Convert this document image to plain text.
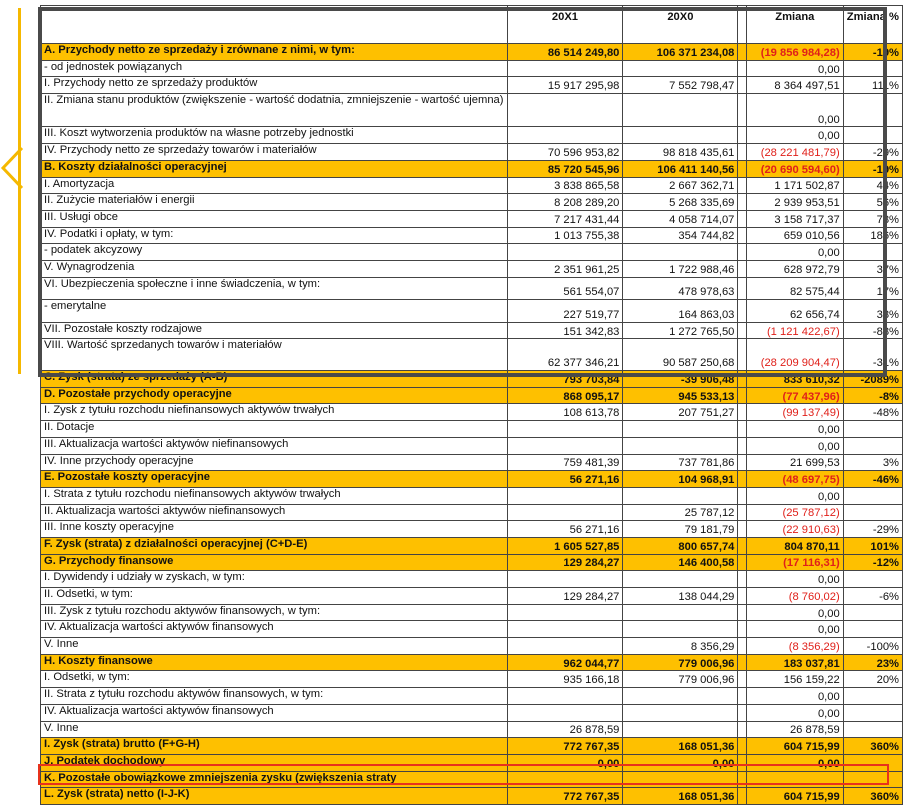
	20X1	20X0		Zmiana	Zmiana %
A. Przychody netto ze sprzedaży i zrównane z nimi, w tym:	86 514 249,80	106 371 234,08		(19 856 984,28)	-19%
- od jednostek powiązanych				0,00	
I. Przychody netto ze sprzedaży produktów	15 917 295,98	7 552 798,47		8 364 497,51	111%
II. Zmiana stanu produktów (zwiększenie - wartość dodatnia, zmniejszenie - wartość ujemna)				0,00	
III. Koszt wytworzenia produktów na własne potrzeby jednostki				0,00	
IV. Przychody netto ze sprzedaży towarów i materiałów	70 596 953,82	98 818 435,61		(28 221 481,79)	-29%
B. Koszty działalności operacyjnej	85 720 545,96	106 411 140,56		(20 690 594,60)	-19%
I. Amortyzacja	3 838 865,58	2 667 362,71		1 171 502,87	44%
II. Zużycie materiałów i energii	8 208 289,20	5 268 335,69		2 939 953,51	56%
III. Usługi obce	7 217 431,44	4 058 714,07		3 158 717,37	78%
IV. Podatki i opłaty, w tym:	1 013 755,38	354 744,82		659 010,56	186%
- podatek akcyzowy				0,00	
V. Wynagrodzenia	2 351 961,25	1 722 988,46		628 972,79	37%
VI. Ubezpieczenia społeczne i inne świadczenia, w tym:	561 554,07	478 978,63		82 575,44	17%
- emerytalne	227 519,77	164 863,03		62 656,74	38%
VII. Pozostałe koszty rodzajowe	151 342,83	1 272 765,50		(1 121 422,67)	-88%
VIII. Wartość sprzedanych towarów i materiałów	62 377 346,21	90 587 250,68		(28 209 904,47)	-31%
C. Zysk (strata) ze sprzedaży (A-B)	793 703,84	-39 906,48		833 610,32	-2089%
D. Pozostałe przychody operacyjne	868 095,17	945 533,13		(77 437,96)	-8%
I. Zysk z tytułu rozchodu niefinansowych aktywów trwałych	108 613,78	207 751,27		(99 137,49)	-48%
II. Dotacje				0,00	
III. Aktualizacja wartości aktywów niefinansowych				0,00	
IV. Inne przychody operacyjne	759 481,39	737 781,86		21 699,53	3%
E. Pozostałe koszty operacyjne	56 271,16	104 968,91		(48 697,75)	-46%
I. Strata z tytułu rozchodu niefinansowych aktywów trwałych				0,00	
II. Aktualizacja wartości aktywów niefinansowych		25 787,12		(25 787,12)	
III. Inne koszty operacyjne	56 271,16	79 181,79		(22 910,63)	-29%
F. Zysk (strata) z działalności operacyjnej (C+D-E)	1 605 527,85	800 657,74		804 870,11	101%
G. Przychody finansowe	129 284,27	146 400,58		(17 116,31)	-12%
I. Dywidendy i udziały w zyskach, w tym:				0,00	
II. Odsetki, w tym:	129 284,27	138 044,29		(8 760,02)	-6%
III. Zysk z tytułu rozchodu aktywów finansowych, w tym:				0,00	
IV. Aktualizacja wartości aktywów finansowych				0,00	
V. Inne		8 356,29		(8 356,29)	-100%
H. Koszty finansowe	962 044,77	779 006,96		183 037,81	23%
I. Odsetki, w tym:	935 166,18	779 006,96		156 159,22	20%
II. Strata z tytułu rozchodu aktywów finansowych, w tym:				0,00	
IV. Aktualizacja wartości aktywów finansowych				0,00	
V. Inne	26 878,59			26 878,59	
I. Zysk (strata) brutto (F+G-H)	772 767,35	168 051,36		604 715,99	360%
J. Podatek dochodowy	0,00	0,00		0,00	
K. Pozostałe obowiązkowe zmniejszenia zysku (zwiększenia straty					
L. Zysk (strata) netto (I-J-K)	772 767,35	168 051,36		604 715,99	360%
